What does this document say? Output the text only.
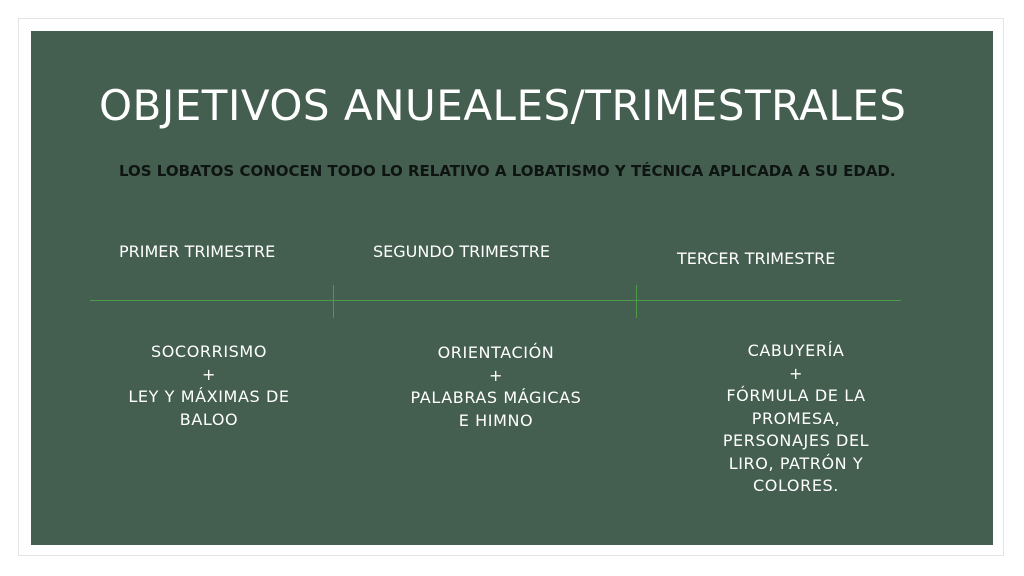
OBJETIVOS ANUEALES/TRIMESTRALES
LOS LOBATOS CONOCEN TODO LO RELATIVO A LOBATISMO Y TÉCNICA APLICADA A SU EDAD.
PRIMER TRIMESTRE	SEGUNDO TRIMESTRE	TERCER TRIMESTRE
SOCORRISMO
+
LEY Y MÁXIMAS DE
BALOO
ORIENTACIÓN
+
PALABRAS MÁGICAS
E HIMNO
CABUYERÍA
+
FÓRMULA DE LA
PROMESA,
PERSONAJES DEL
LIRO, PATRÓN Y
COLORES.
